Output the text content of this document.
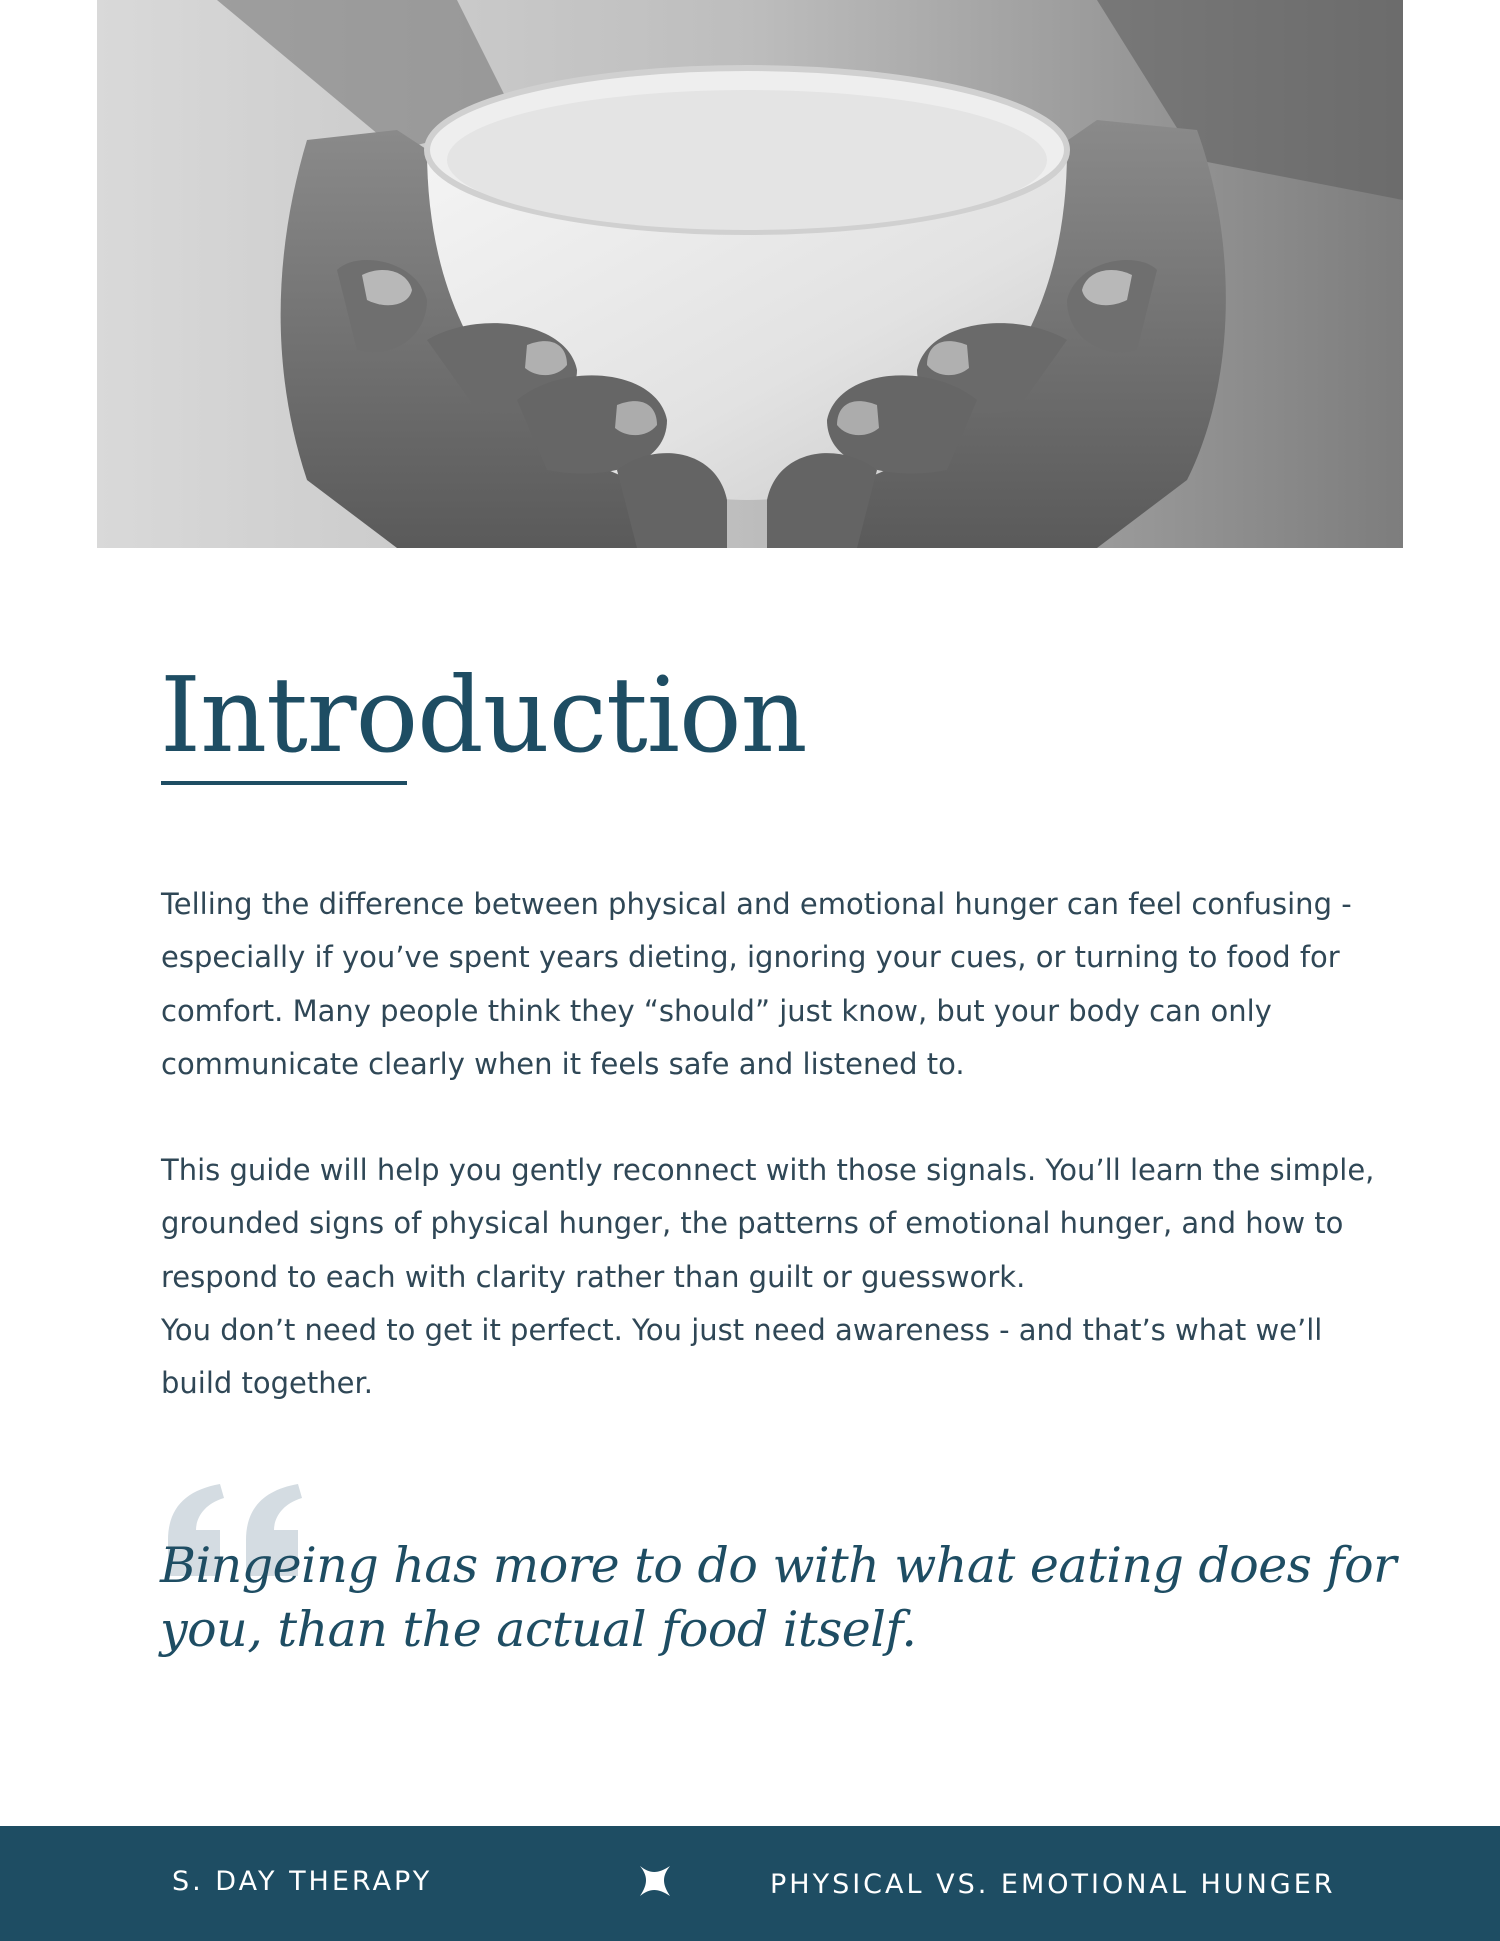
Introduction

Telling the difference between physical and emotional hunger can feel confusing - especially if you’ve spent years dieting, ignoring your cues, or turning to food for comfort. Many people think they “should” just know, but your body can only communicate clearly when it feels safe and listened to.

This guide will help you gently reconnect with those signals. You’ll learn the simple, grounded signs of physical hunger, the patterns of emotional hunger, and how to respond to each with clarity rather than guilt or guesswork.

You don’t need to get it perfect. You just need awareness - and that’s what we’ll build together.

Bingeing has more to do with what eating does for you, than the actual food itself.

S. DAY THERAPY	PHYSICAL VS. EMOTIONAL HUNGER
